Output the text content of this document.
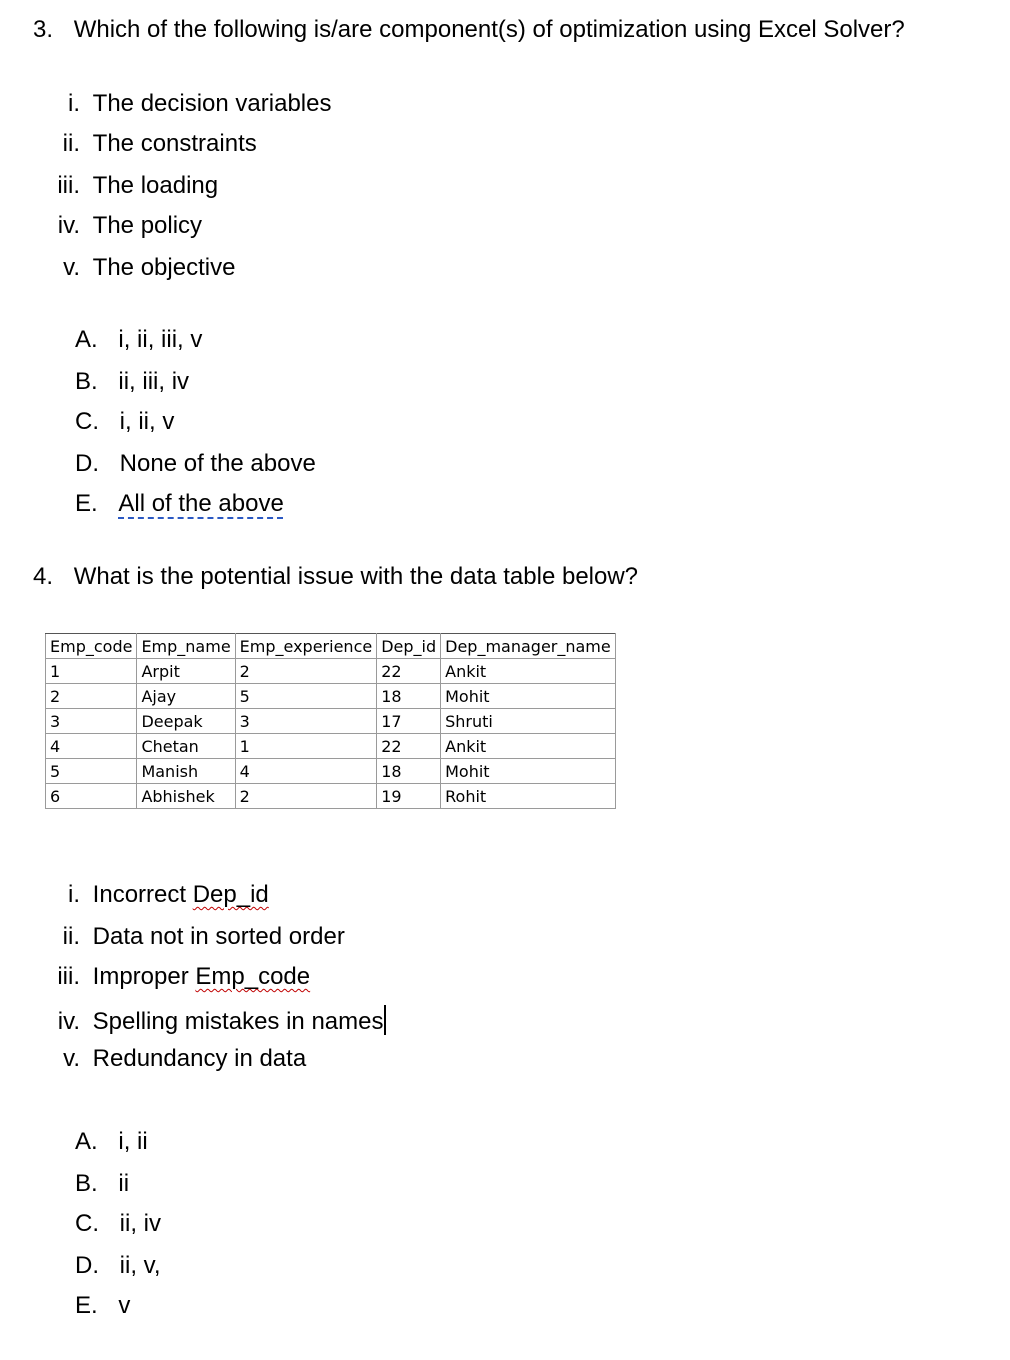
3. Which of the following is/are component(s) of optimization using Excel Solver?
i. The decision variables
ii. The constraints
iii. The loading
iv. The policy
v. The objective
A. i, ii, iii, v
B. ii, iii, iv
C. i, ii, v
D. None of the above
E. All of the above
4. What is the potential issue with the data table below?
Emp_code	Emp_name	Emp_experience	Dep_id	Dep_manager_name
1	Arpit	2	22	Ankit
2	Ajay	5	18	Mohit
3	Deepak	3	17	Shruti
4	Chetan	1	22	Ankit
5	Manish	4	18	Mohit
6	Abhishek	2	19	Rohit
i. Incorrect Dep_id
ii. Data not in sorted order
iii. Improper Emp_code
iv. Spelling mistakes in names
v. Redundancy in data
A. i, ii
B. ii
C. ii, iv
D. ii, v,
E. v
